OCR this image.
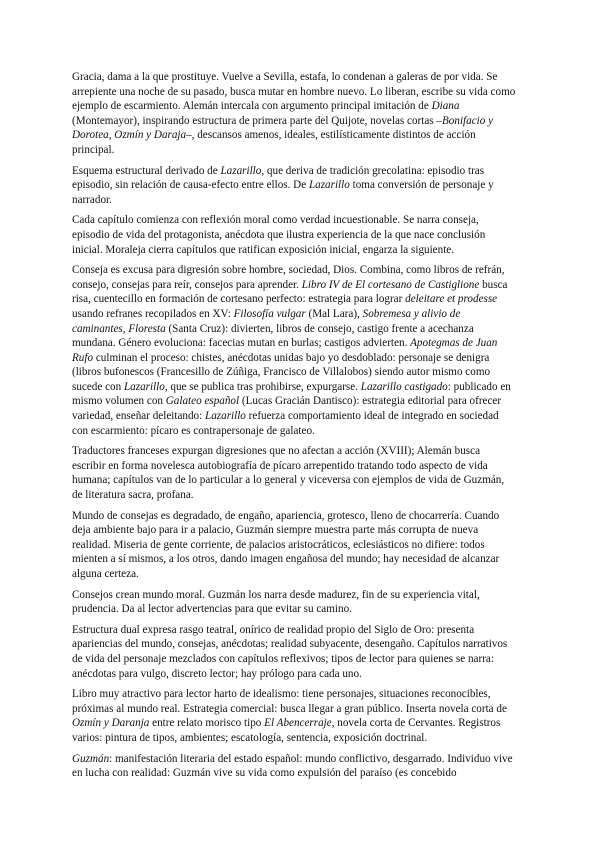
Gracia, dama a la que prostituye. Vuelve a Sevilla, estafa, lo condenan a galeras de por vida. Se arrepiente una noche de su pasado, busca mutar en hombre nuevo. Lo liberan, escribe su vida como ejemplo de escarmiento. Alemán intercala con argumento principal imitación de Diana (Montemayor), inspirando estructura de primera parte del Quijote, novelas cortas –Bonifacio y Dorotea, Ozmín y Daraja–, descansos amenos, ideales, estilísticamente distintos de acción principal.

Esquema estructural derivado de Lazarillo, que deriva de tradición grecolatina: episodio tras episodio, sin relación de causa-efecto entre ellos. De Lazarillo toma conversión de personaje y narrador.

Cada capítulo comienza con reflexión moral como verdad incuestionable. Se narra conseja, episodio de vida del protagonista, anécdota que ilustra experiencia de la que nace conclusión inicial. Moraleja cierra capítulos que ratifican exposición inicial, engarza la siguiente.

Conseja es excusa para digresión sobre hombre, sociedad, Dios. Combina, como libros de refrán, consejo, consejas para reír, consejos para aprender. Libro IV de El cortesano de Castiglione busca risa, cuentecillo en formación de cortesano perfecto: estrategia para lograr deleitare et prodesse usando refranes recopilados en XV: Filosofía vulgar (Mal Lara), Sobremesa y alivio de caminantes, Floresta (Santa Cruz): divierten, libros de consejo, castigo frente a acechanza mundana. Género evoluciona: facecias mutan en burlas; castigos advierten. Apotegmas de Juan Rufo culminan el proceso: chistes, anécdotas unidas bajo yo desdoblado: personaje se denigra (libros bufonescos (Francesillo de Zúñiga, Francisco de Villalobos) siendo autor mismo como sucede con Lazarillo, que se publica tras prohibirse, expurgarse. Lazarillo castigado: publicado en mismo volumen con Galateo español (Lucas Gracián Dantisco): estrategia editorial para ofrecer variedad, enseñar deleitando: Lazarillo refuerza comportamiento ideal de integrado en sociedad con escarmiento: pícaro es contrapersonaje de galateo.

Traductores franceses expurgan digresiones que no afectan a acción (XVIII); Alemán busca escribir en forma novelesca autobiografía de pícaro arrepentido tratando todo aspecto de vida humana; capítulos van de lo particular a lo general y viceversa con ejemplos de vida de Guzmán, de literatura sacra, profana.

Mundo de consejas es degradado, de engaño, apariencia, grotesco, lleno de chocarrería. Cuando deja ambiente bajo para ir a palacio, Guzmán siempre muestra parte más corrupta de nueva realidad. Miseria de gente corriente, de palacios aristocráticos, eclesiásticos no difiere: todos mienten a sí mismos, a los otros, dando imagen engañosa del mundo; hay necesidad de alcanzar alguna certeza.

Consejos crean mundo moral. Guzmán los narra desde madurez, fin de su experiencia vital, prudencia. Da al lector advertencias para que evitar su camino.

Estructura dual expresa rasgo teatral, onírico de realidad propio del Siglo de Oro: presenta apariencias del mundo, consejas, anécdotas; realidad subyacente, desengaño. Capítulos narrativos de vida del personaje mezclados con capítulos reflexivos; tipos de lector para quienes se narra: anécdotas para vulgo, discreto lector; hay prólogo para cada uno.

Libro muy atractivo para lector harto de idealismo: tiene personajes, situaciones reconocibles, próximas al mundo real. Estrategia comercial: busca llegar a gran público. Inserta novela corta de Ozmín y Daranja entre relato morisco tipo El Abencerraje, novela corta de Cervantes. Registros varios: pintura de tipos, ambientes; escatología, sentencia, exposición doctrinal.

Guzmán: manifestación literaria del estado español: mundo conflictivo, desgarrado. Individuo vive en lucha con realidad: Guzmán vive su vida como expulsión del paraíso (es concebido
